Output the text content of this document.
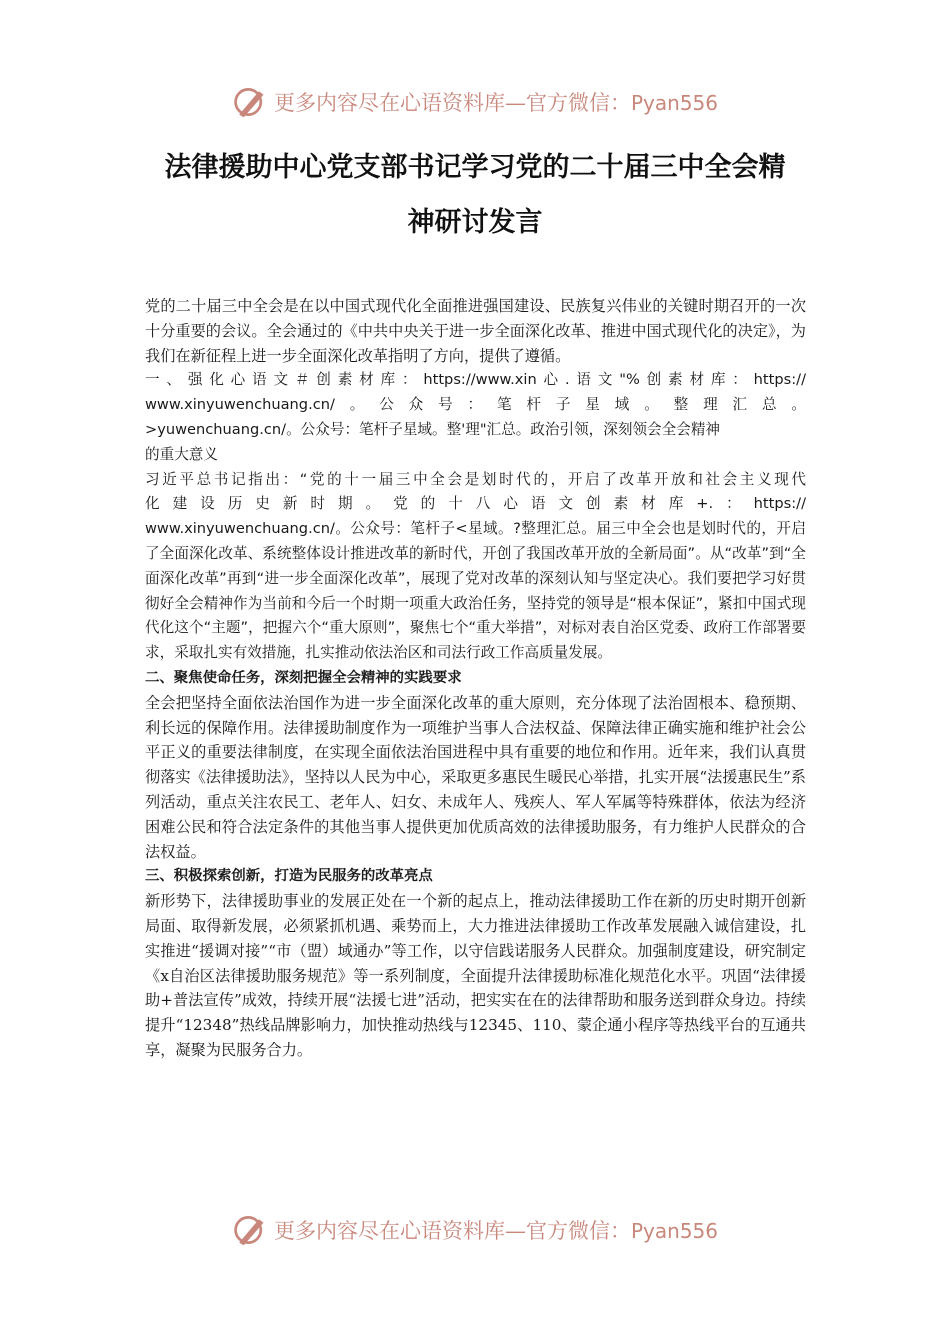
更多内容尽在心语资料库—官方微信：Pyan556
法律援助中心党支部书记学习党的二十届三中全会精
神研讨发言

党的二十届三中全会是在以中国式现代化全面推进强国建设、民族复兴伟业的关键时期召开的一次十分重要的会议。全会通过的《中共中央关于进一步全面深化改革、推进中国式现代化的决定》，为我们在新征程上进一步全面深化改革指明了方向，提供了遵循。

一、强化心语文＃创素材库：https://www.xin心.语文"%创素材库：https://

www.xinyuwenchuang.cn/。公众号：笔杆子星域。整理汇总。

>yuwenchuang.cn/。公众号：笔杆子星域。整'理"汇总。政治引领，深刻领会全会精神

的重大意义

习近平总书记指出：“党的十一届三中全会是划时代的，开启了改革开放和社会主义现代

化建设历史新时期。党的十八心语文创素材库+.：https://

www.xinyuwenchuang.cn/。公众号：笔杆子<星域。?整理汇总。届三中全会也是划时代的，开启了全面深化改革、系统整体设计推进改革的新时代，开创了我国改革开放的全新局面”。从“改革”到“全面深化改革”再到“进一步全面深化改革”，展现了党对改革的深刻认知与坚定决心。我们要把学习好贯彻好全会精神作为当前和今后一个时期一项重大政治任务，坚持党的领导是“根本保证”，紧扣中国式现代化这个“主题”，把握六个“重大原则”，聚焦七个“重大举措”，对标对表自治区党委、政府工作部署要求，采取扎实有效措施，扎实推动依法治区和司法行政工作高质量发展。

二、聚焦使命任务，深刻把握全会精神的实践要求

全会把坚持全面依法治国作为进一步全面深化改革的重大原则，充分体现了法治固根本、稳预期、利长远的保障作用。法律援助制度作为一项维护当事人合法权益、保障法律正确实施和维护社会公平正义的重要法律制度，在实现全面依法治国进程中具有重要的地位和作用。近年来，我们认真贯彻落实《法律援助法》，坚持以人民为中心，采取更多惠民生暖民心举措，扎实开展“法援惠民生”系列活动，重点关注农民工、老年人、妇女、未成年人、残疾人、军人军属等特殊群体，依法为经济困难公民和符合法定条件的其他当事人提供更加优质高效的法律援助服务，有力维护人民群众的合法权益。

三、积极探索创新，打造为民服务的改革亮点

新形势下，法律援助事业的发展正处在一个新的起点上，推动法律援助工作在新的历史时期开创新局面、取得新发展，必须紧抓机遇、乘势而上，大力推进法律援助工作改革发展融入诚信建设，扎实推进“援调对接”“市（盟）域通办”等工作，以守信践诺服务人民群众。加强制度建设，研究制定《x自治区法律援助服务规范》等一系列制度，全面提升法律援助标准化规范化水平。巩固“法律援助+普法宣传”成效，持续开展“法援七进”活动，把实实在在的法律帮助和服务送到群众身边。持续提升“12348”热线品牌影响力，加快推动热线与12345、110、蒙企通小程序等热线平台的互通共享，凝聚为民服务合力。

更多内容尽在心语资料库—官方微信：Pyan556
